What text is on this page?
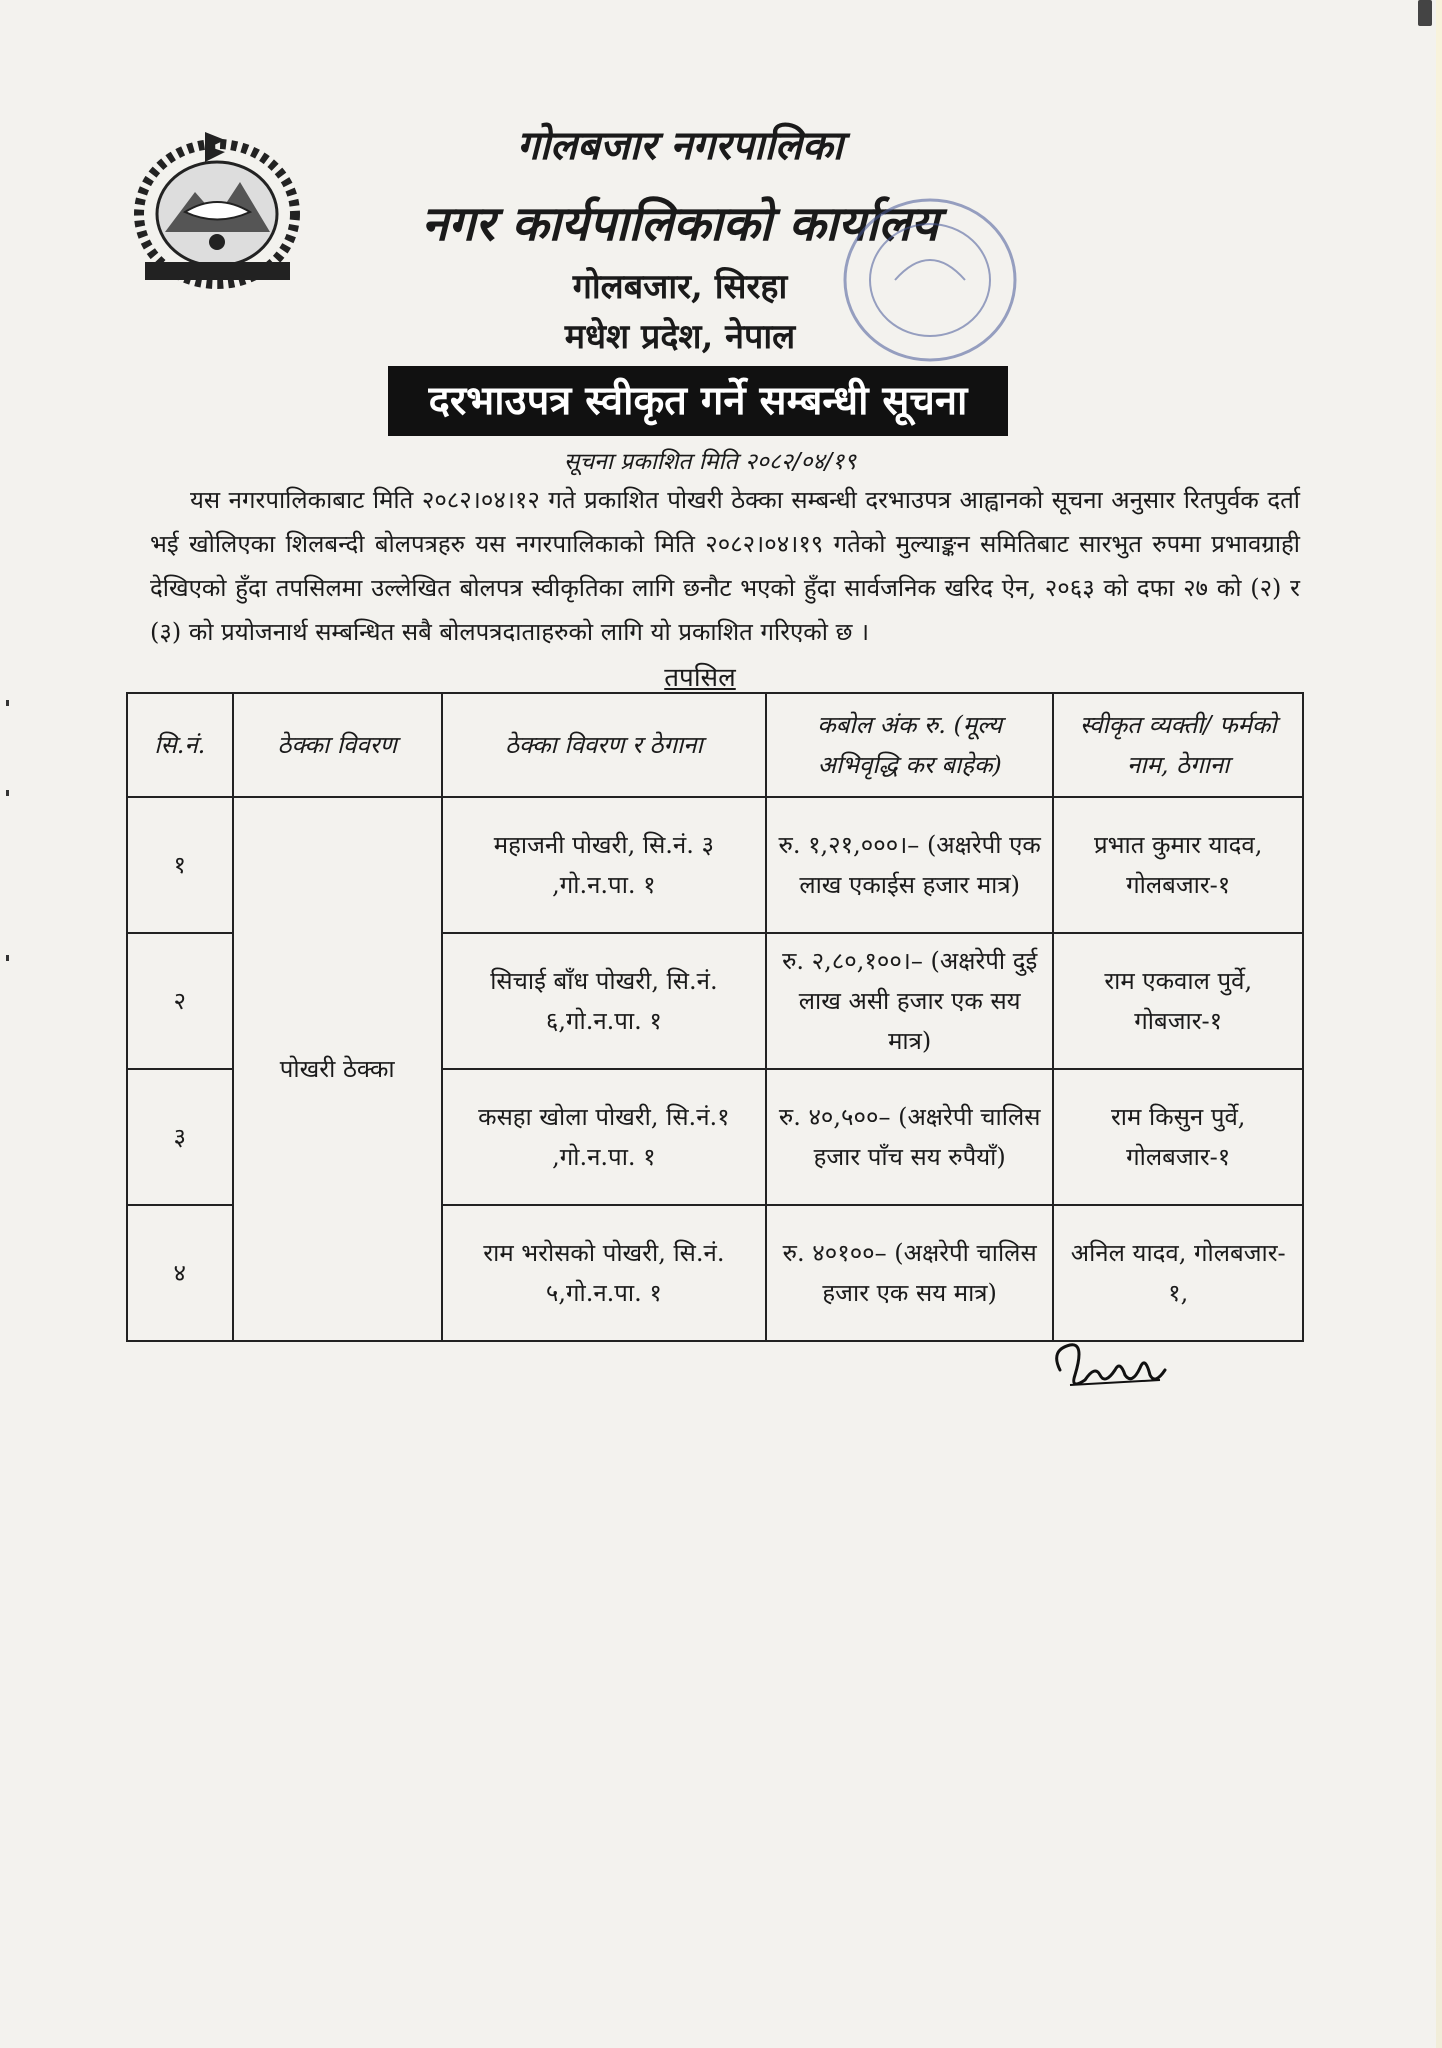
गोलबजार नगरपालिका
नगर कार्यपालिकाको कार्यालय
गोलबजार, सिरहा
मधेश प्रदेश, नेपाल
दरभाउपत्र स्वीकृत गर्ने सम्बन्धी सूचना
सूचना प्रकाशित मिति २०८२/०४/१९
यस नगरपालिकाबाट मिति २०८२।०४।१२ गते प्रकाशित पोखरी ठेक्का सम्बन्धी दरभाउपत्र आह्वानको सूचना अनुसार रितपुर्वक दर्ता भई खोलिएका शिलबन्दी बोलपत्रहरु यस नगरपालिकाको मिति २०८२।०४।१९ गतेको मुल्याङ्कन समितिबाट सारभुत रुपमा प्रभावग्राही देखिएको हुँदा तपसिलमा उल्लेखित बोलपत्र स्वीकृतिका लागि छनौट भएको हुँदा सार्वजनिक खरिद ऐन, २०६३ को दफा २७ को (२) र (३) को प्रयोजनार्थ सम्बन्धित सबै बोलपत्रदाताहरुको लागि यो प्रकाशित गरिएको छ ।
तपसिल
सि.नं.	ठेक्का विवरण	ठेक्का विवरण र ठेगाना	कबोल अंक रु. (मूल्य अभिवृद्धि कर बाहेक)	स्वीकृत व्यक्ती/ फर्मको नाम, ठेगाना
१	पोखरी ठेक्का	महाजनी पोखरी, सि.नं. ३ ,गो.न.पा. १	रु. १,२१,०००।– (अक्षरेपी एक लाख एकाईस हजार मात्र)	प्रभात कुमार यादव, गोलबजार-१
२		सिचाई बाँध पोखरी, सि.नं. ६,गो.न.पा. १	रु. २,८०,१००।– (अक्षरेपी दुई लाख असी हजार एक सय मात्र)	राम एकवाल पुर्वे, गोबजार-१
३		कसहा खोला पोखरी, सि.नं.१ ,गो.न.पा. १	रु. ४०,५००– (अक्षरेपी चालिस हजार पाँच सय रुपैयाँ)	राम किसुन पुर्वे, गोलबजार-१
४		राम भरोसको पोखरी, सि.नं. ५,गो.न.पा. १	रु. ४०१००– (अक्षरेपी चालिस हजार एक सय मात्र)	अनिल यादव, गोलबजार- १,
